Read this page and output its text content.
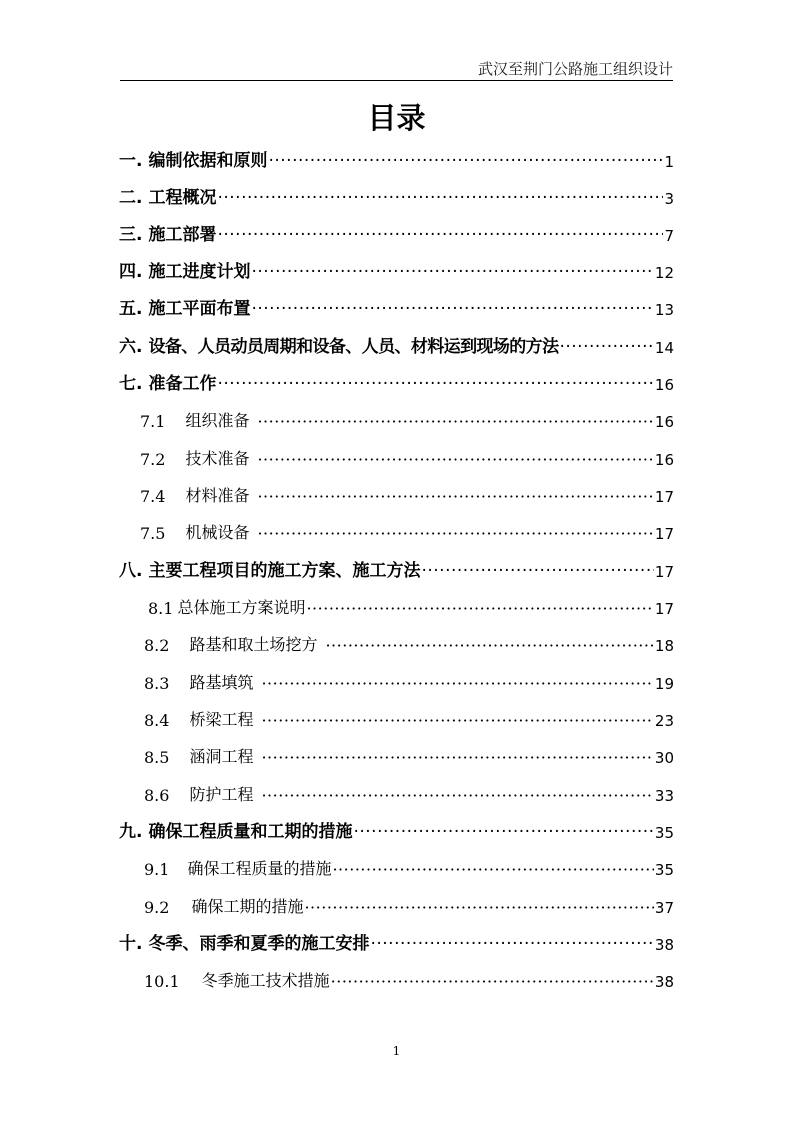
武汉至荆门公路施工组织设计
目录
一. 编制依据和原则 ·····	1
二. 工程概况 ·····	3
三. 施工部署 ·····	7
四. 施工进度计划 ·····	12
五. 施工平面布置 ·····	13
六. 设备、人员动员周期和设备、人员、材料运到现场的方法 ·····	14
七. 准备工作 ·····	16
7.1 组织准备 ·····	16
7.2 技术准备 ·····	16
7.4 材料准备 ·····	17
7.5 机械设备 ·····	17
八. 主要工程项目的施工方案、施工方法 ·····	17
8.1 总体施工方案说明 ·····	17
8.2 路基和取土场挖方 ·····	18
8.3 路基填筑 ·····	19
8.4 桥梁工程 ·····	23
8.5 涵洞工程 ·····	30
8.6 防护工程 ·····	33
九. 确保工程质量和工期的措施 ·····	35
9.1 确保工程质量的措施 ·····	35
9.2 确保工期的措施 ·····	37
十. 冬季、雨季和夏季的施工安排 ·····	38
10.1 冬季施工技术措施 ·····	38
1
